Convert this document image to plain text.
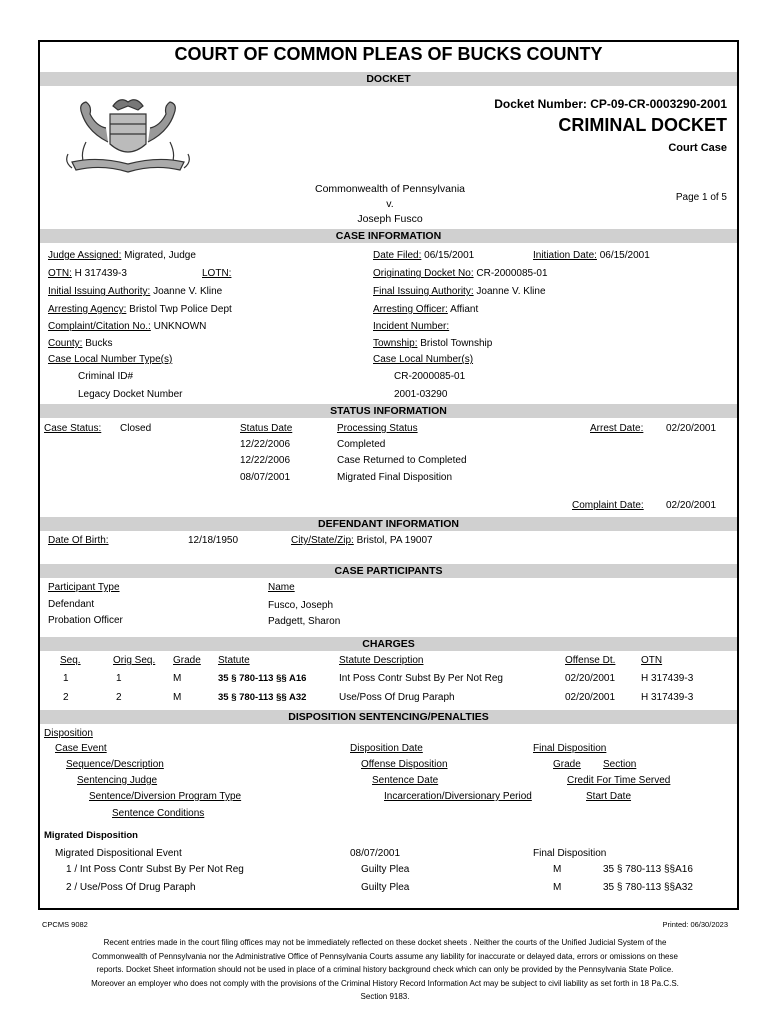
COURT OF COMMON PLEAS OF BUCKS COUNTY
DOCKET
Docket Number: CP-09-CR-0003290-2001
CRIMINAL DOCKET
Court Case
Commonwealth of Pennsylvania
v.
Joseph Fusco
Page 1 of 5
CASE INFORMATION
Judge Assigned: Migrated, Judge	Date Filed: 06/15/2001	Initiation Date: 06/15/2001
OTN: H 317439-3	LOTN:	Originating Docket No: CR-2000085-01
Initial Issuing Authority: Joanne V. Kline	Final Issuing Authority: Joanne V. Kline
Arresting Agency: Bristol Twp Police Dept	Arresting Officer: Affiant
Complaint/Citation No.: UNKNOWN	Incident Number:
County: Bucks	Township: Bristol Township
Case Local Number Type(s)	Case Local Number(s)
Criminal ID#	CR-2000085-01
Legacy Docket Number	2001-03290
STATUS INFORMATION
Case Status: Closed	Status Date	Processing Status	Arrest Date: 02/20/2001
12/22/2006	Completed
12/22/2006	Case Returned to Completed
08/07/2001	Migrated Final Disposition
Complaint Date: 02/20/2001
DEFENDANT INFORMATION
Date Of Birth:	12/18/1950	City/State/Zip: Bristol, PA 19007
CASE PARTICIPANTS
Participant Type	Name
Defendant	Fusco, Joseph
Probation Officer	Padgett, Sharon
CHARGES
Seq.	Orig Seq. Grade Statute	Statute Description	Offense Dt.	OTN
1	1	M	35 § 780-113 §§ A16	Int Poss Contr Subst By Per Not Reg	02/20/2001	H 317439-3
2	2	M	35 § 780-113 §§ A32	Use/Poss Of Drug Paraph	02/20/2001	H 317439-3
DISPOSITION SENTENCING/PENALTIES
Disposition
Case Event	Disposition Date	Final Disposition
Sequence/Description	Offense Disposition	Grade Section
Sentencing Judge	Sentence Date	Credit For Time Served
Sentence/Diversion Program Type	Incarceration/Diversionary Period	Start Date
Sentence Conditions
Migrated Disposition
Migrated Dispositional Event	08/07/2001	Final Disposition
1 / Int Poss Contr Subst By Per Not Reg	Guilty Plea	M	35 § 780-113 §§A16
2 / Use/Poss Of Drug Paraph	Guilty Plea	M	35 § 780-113 §§A32
CPCMS 9082	Printed: 06/30/2023
Recent entries made in the court filing offices may not be immediately reflected on these docket sheets . Neither the courts of the Unified Judicial System of the Commonwealth of Pennsylvania nor the Administrative Office of Pennsylvania Courts assume any liability for inaccurate or delayed data, errors or omissions on these reports. Docket Sheet information should not be used in place of a criminal history background check which can only be provided by the Pennsylvania State Police. Moreover an employer who does not comply with the provisions of the Criminal History Record Information Act may be subject to civil liability as set forth in 18 Pa.C.S. Section 9183.
